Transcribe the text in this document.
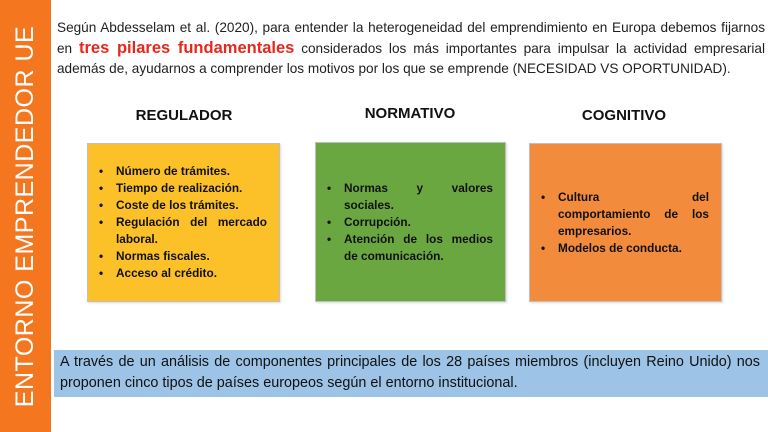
ENTORNO EMPRENDEDOR UE Según Abdesselam et al. (2020), para entender la heterogeneidad del emprendimiento en Europa debemos fijarnos en tres pilares fundamentales considerados los más importantes para impulsar la actividad empresarial además de, ayudarnos a comprender los motivos por los que se emprende (NECESIDAD VS OPORTUNIDAD).

REGULADOR	NORMATIVO	COGNITIVO
• Número de trámites.
• Tiempo de realización.
• Coste de los trámites.
• Regulación del mercado laboral.
• Normas fiscales.
• Acceso al crédito.
• Normas y valores sociales.
• Corrupción.
• Atención de los medios de comunicación.
• Cultura del comportamiento de los empresarios.
• Modelos de conducta.
A través de un análisis de componentes principales de los 28 países miembros (incluyen Reino Unido) nos proponen cinco tipos de países europeos según el entorno institucional.
